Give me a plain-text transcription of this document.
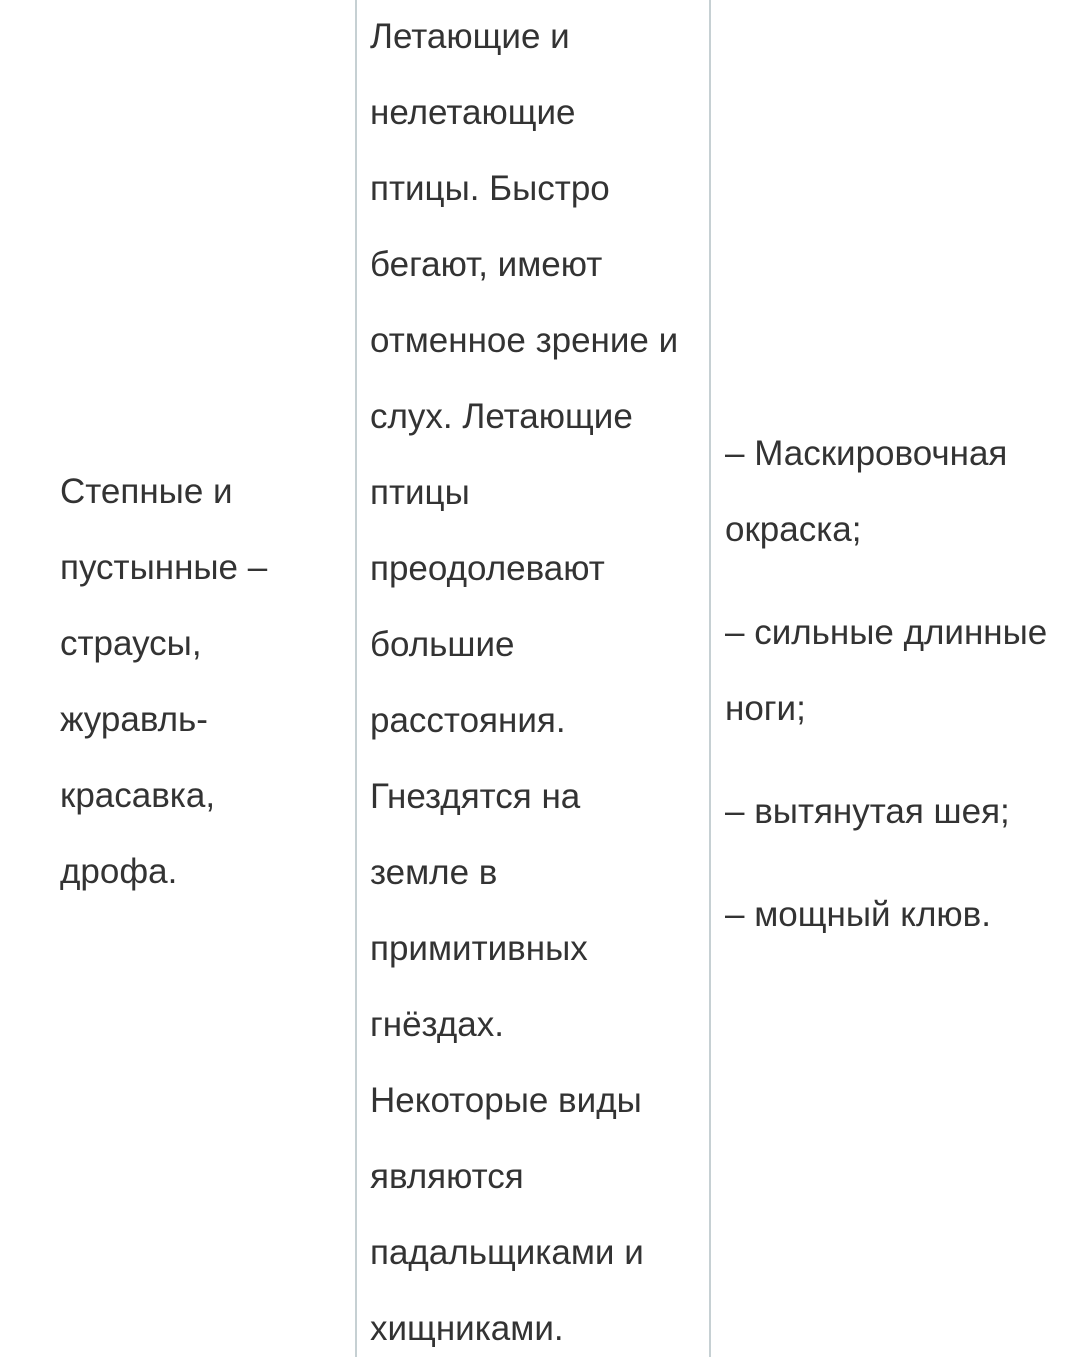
Степные и
пустынные –
страусы,
журавль-
красавка,
дрофа.
Летающие и
нелетающие
птицы. Быстро
бегают, имеют
отменное зрение и
слух. Летающие
птицы
преодолевают
большие
расстояния.
Гнездятся на
земле в
примитивных
гнёздах.
Некоторые виды
являются
падальщиками и
хищниками.
– Маскировочная
окраска;
– сильные длинные
ноги;
– вытянутая шея;
– мощный клюв.
